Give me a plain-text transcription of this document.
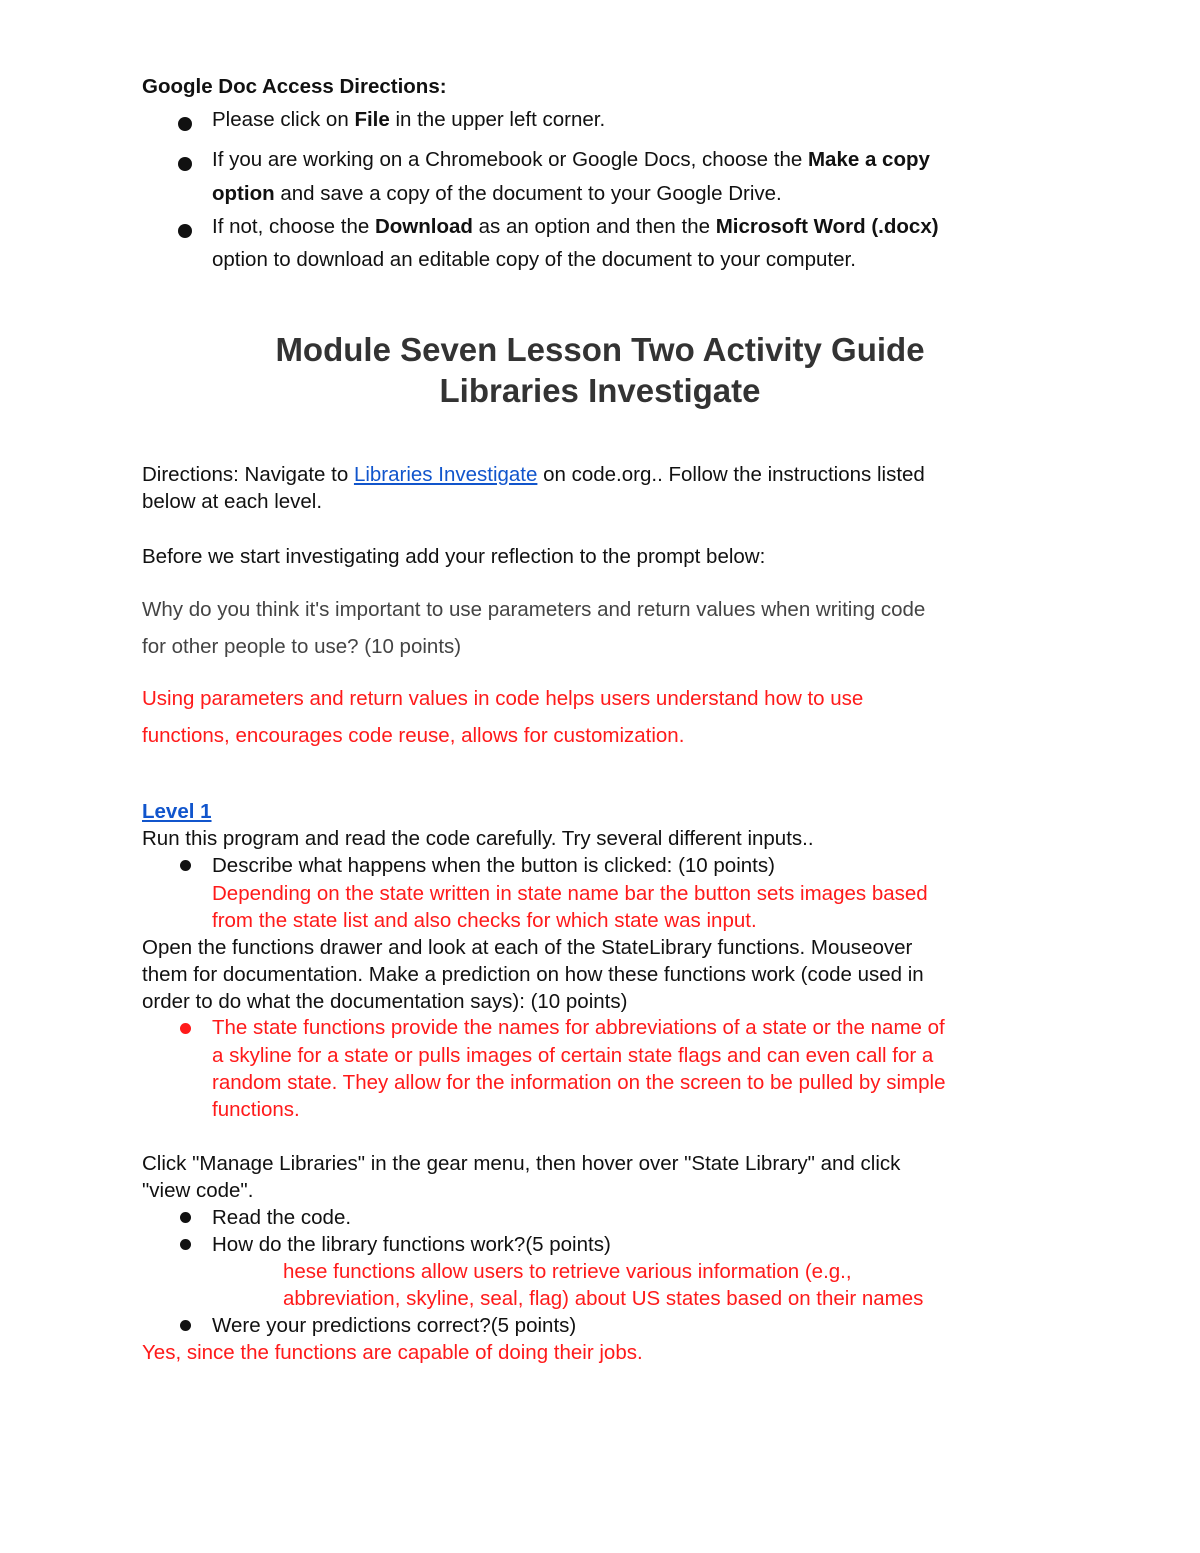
Google Doc Access Directions:
Please click on File in the upper left corner.
If you are working on a Chromebook or Google Docs, choose the Make a copy
option and save a copy of the document to your Google Drive.
If not, choose the Download as an option and then the Microsoft Word (.docx)
option to download an editable copy of the document to your computer.
Module Seven Lesson Two Activity Guide
Libraries Investigate
Directions: Navigate to Libraries Investigate on code.org.. Follow the instructions listed
below at each level.
Before we start investigating add your reflection to the prompt below:
Why do you think it's important to use parameters and return values when writing code
for other people to use? (10 points)
Using parameters and return values in code helps users understand how to use
functions, encourages code reuse, allows for customization.
Level 1
Run this program and read the code carefully. Try several different inputs..
Describe what happens when the button is clicked: (10 points)
Depending on the state written in state name bar the button sets images based
from the state list and also checks for which state was input.
Open the functions drawer and look at each of the StateLibrary functions. Mouseover
them for documentation. Make a prediction on how these functions work (code used in
order to do what the documentation says): (10 points)
The state functions provide the names for abbreviations of a state or the name of
a skyline for a state or pulls images of certain state flags and can even call for a
random state. They allow for the information on the screen to be pulled by simple
functions.
Click "Manage Libraries" in the gear menu, then hover over "State Library" and click
"view code".
Read the code.
How do the library functions work?(5 points)
hese functions allow users to retrieve various information (e.g.,
abbreviation, skyline, seal, flag) about US states based on their names
Were your predictions correct?(5 points)
Yes, since the functions are capable of doing their jobs.
